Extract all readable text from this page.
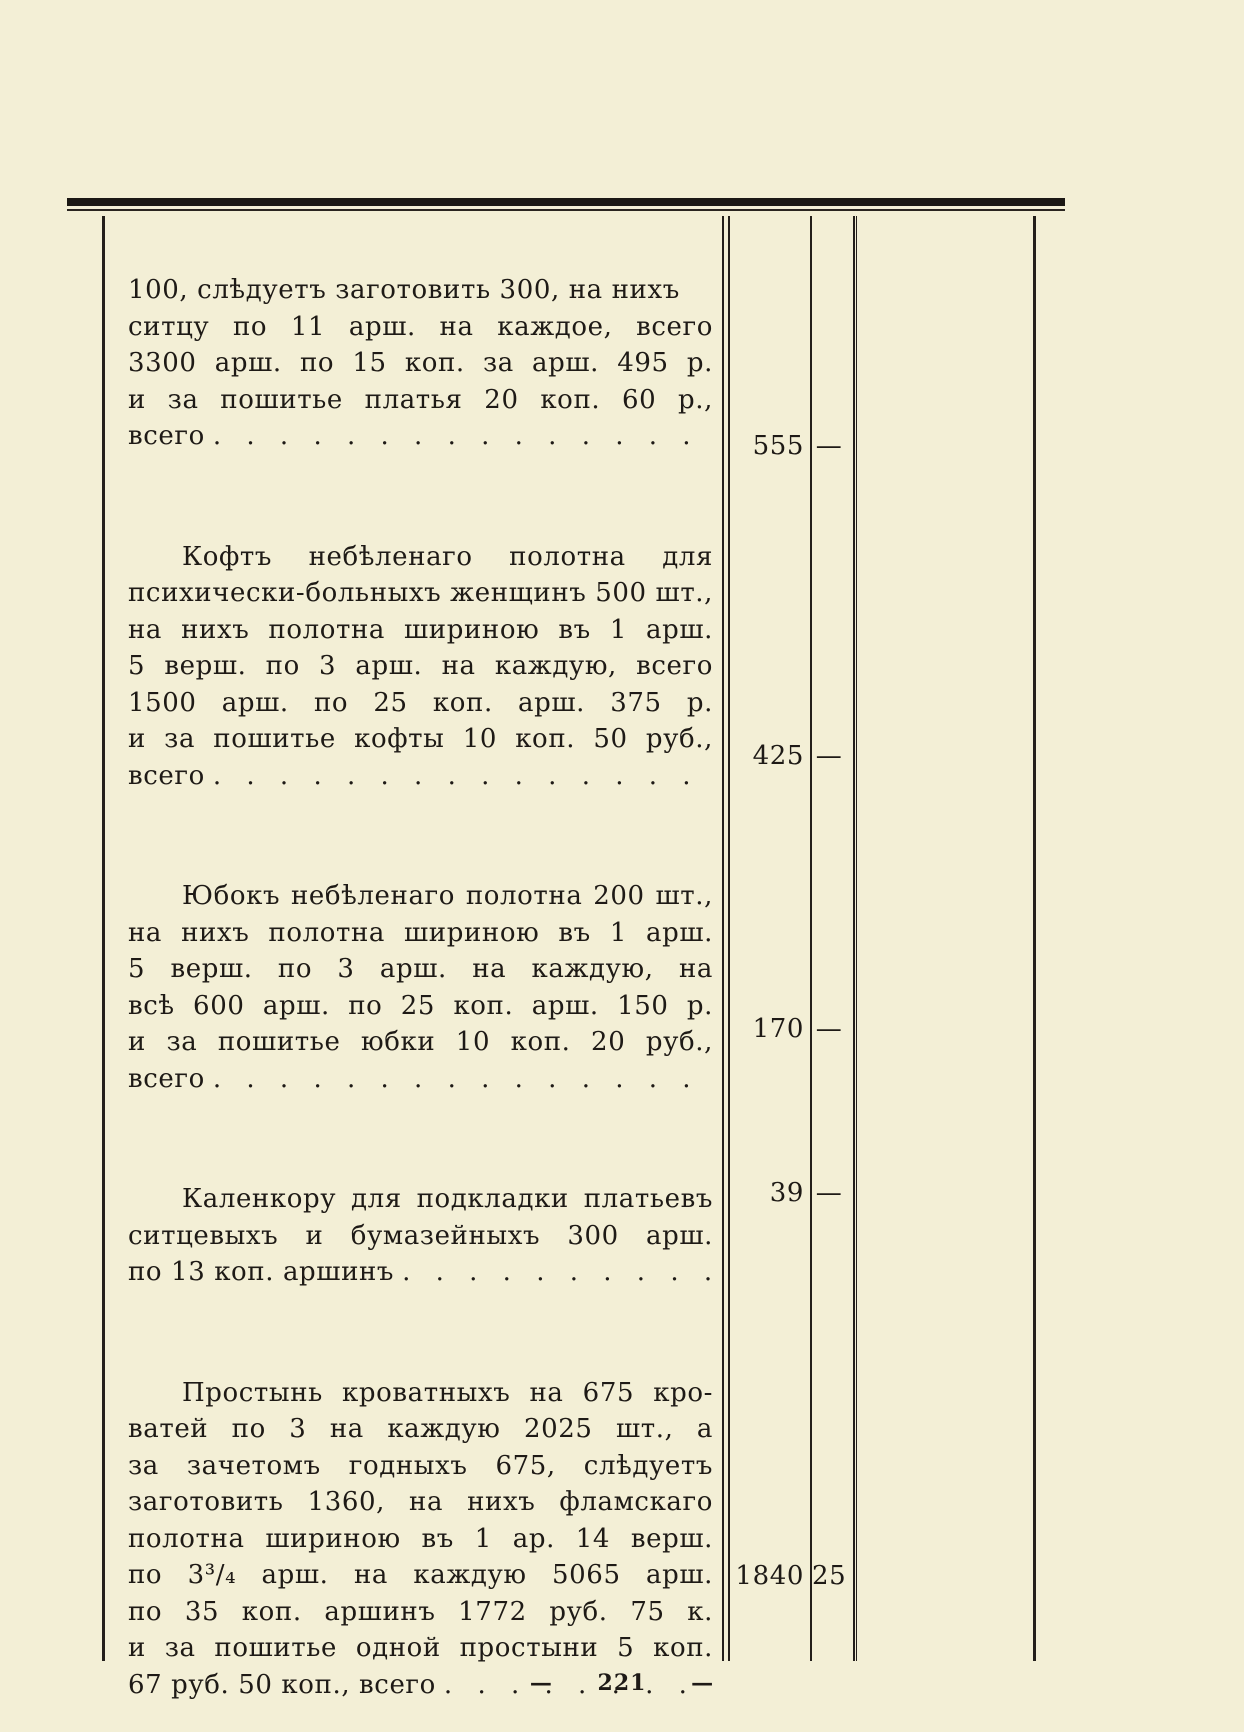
100, слѣдуетъ заготовить 300, на нихъ
ситцу по 11 арш. на каждое, всего
3300 арш. по 15 коп. за арш. 495 р.
и за пошитье платья 20 коп. 60 р.,
всего
. . .
Кофтъ небѣленаго полотна для
психически-больныхъ женщинъ 500 шт.,
на нихъ полотна шириною въ 1 арш.
5 верш. по 3 арш. на каждую, всего
1500 арш. по 25 коп. арш. 375 р.
и за пошитье кофты 10 коп. 50 руб.,
всего
. . .
Юбокъ небѣленаго полотна 200 шт.,
на нихъ полотна шириною въ 1 арш.
5 верш. по 3 арш. на каждую, на
всѣ 600 арш. по 25 коп. арш. 150 р.
и за пошитье юбки 10 коп. 20 руб.,
всего
. . .
Каленкору для подкладки платьевъ
ситцевыхъ и бумазейныхъ 300 арш.
по 13 коп. аршинъ
. . .
Простынь кроватныхъ на 675 кро-
ватей по 3 на каждую 2025 шт., а
за зачетомъ годныхъ 675, слѣдуетъ
заготовить 1360, на нихъ фламскаго
полотна шириною въ 1 ар. 14 верш.
по 3³/₄ арш. на каждую 5065 арш.
по 35 коп. аршинъ 1772 руб. 75 к.
и за пошитье одной простыни 5 коп.
67 руб. 50 коп., всего
. . .
555 —
425 —
170 —
39 —
1840 25
— 221 —
